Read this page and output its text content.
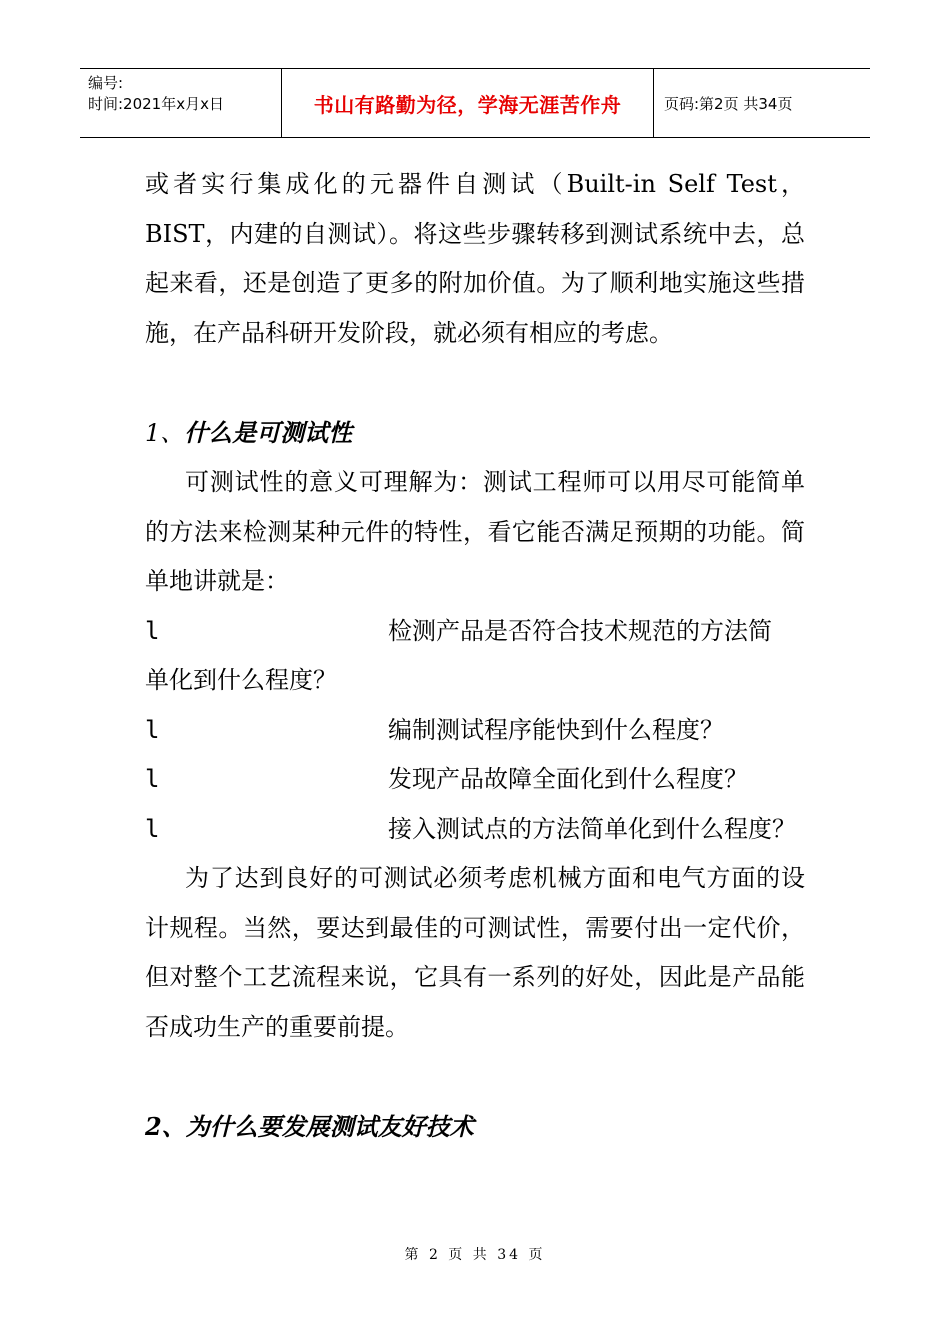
编号:
时间:2021年x月x日	书山有路勤为径，学海无涯苦作舟	页码:第2页 共34页

或者实行集成化的元器件自测试（Built-in Self Test，BIST，内建的自测试）。将这些步骤转移到测试系统中去，总起来看，还是创造了更多的附加价值。为了顺利地实施这些措施，在产品科研开发阶段，就必须有相应的考虑。

1、什么是可测试性

可测试性的意义可理解为：测试工程师可以用尽可能简单的方法来检测某种元件的特性，看它能否满足预期的功能。简单地讲就是：

l	检测产品是否符合技术规范的方法简

单化到什么程度？

l	编制测试程序能快到什么程度？
l	发现产品故障全面化到什么程度？
l	接入测试点的方法简单化到什么程度？

为了达到良好的可测试必须考虑机械方面和电气方面的设计规程。当然，要达到最佳的可测试性，需要付出一定代价，但对整个工艺流程来说，它具有一系列的好处，因此是产品能否成功生产的重要前提。

2、为什么要发展测试友好技术

第 2 页 共 34 页
